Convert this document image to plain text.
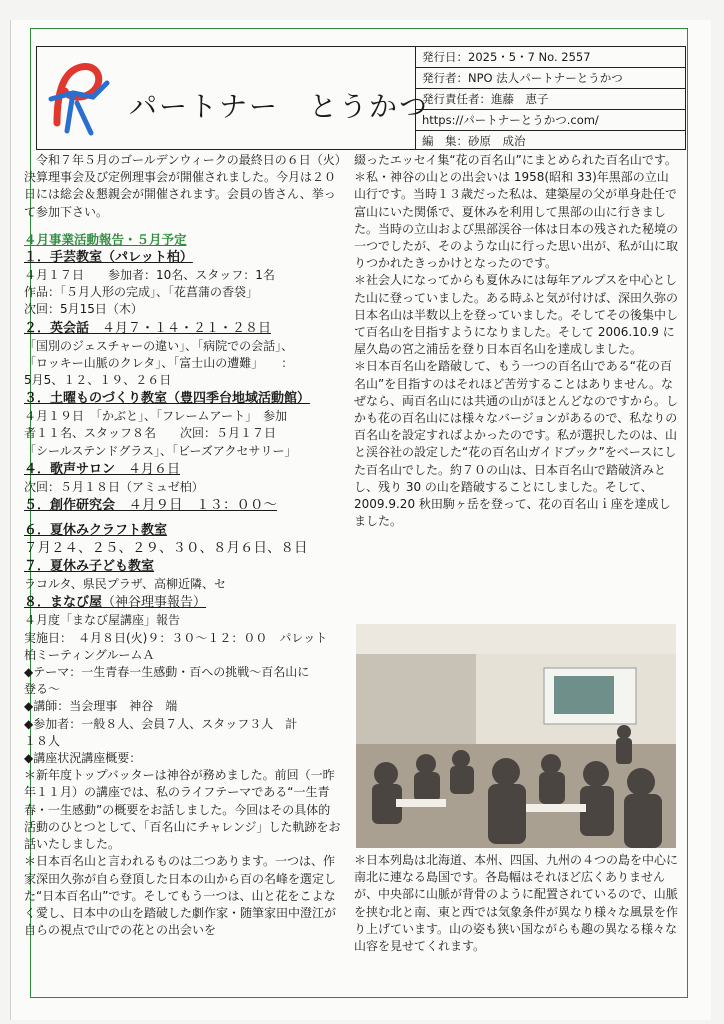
パートナー　とうかつ
発行日：2025・5・7 No. 2557
発行者：NPO 法人パートナーとうかつ
発行責任者：進藤　恵子
https://パートナーとうかつ.com/
編　集：砂原　成治

令和７年５月のゴールデンウィークの最終日の６日（火）決算理事会及び定例理事会が開催されました。今月は２０日には総会＆懇親会が開催されます。会員の皆さん、挙って参加下さい。

４月事業活動報告・５月予定
１．手芸教室（パレット柏）
４月１７日　　参加者：10名、スタッフ：1名
作品：「５月人形の完成」、「花菖蒲の香袋」
次回：5月15日（木）
２．英会話　４月７・１４・２１・２８日
「国別のジェスチャーの違い」、「病院での会話」、
「ロッキー山脈のクレタ」、「富士山の遭難」　　：
5月5、１２、１９、２６日
３．土曜ものづくり教室（豊四季台地域活動館）
４月１９日　「かぶと」、「フレームアート」　参加
者１１名、スタッフ８名　　次回：５月１７日
「シールステンドグラス」、「ビーズアクセサリー」
４．歌声サロン　４月６日
次回：５月１８日（アミュゼ柏）
５．創作研究会　４月９日　１３：００～
６．夏休みクラフト教室
７月２４、２５、２９、３０、８月６日、８日
７．夏休み子ども教室
ラコルタ、県民プラザ、高柳近隣、セ
８．まなび屋（神谷理事報告）
４月度「まなび屋講座」報告
実施日：　４月８日(火)９：３０～１２：００　パレット
柏ミーティングルームＡ
◆テーマ：一生青春一生感動・百への挑戦～百名山に
登る～
◆講師：当会理事　神谷　端
◆参加者：一般８人、会員７人、スタッフ３人　計
１８人
◆講座状況講座概要：

＊新年度トップバッターは神谷が務めました。前回（一昨年１１月）の講座では、私のライフテーマである“一生青春・一生感動”の概要をお話しました。今回はその具体的活動のひとつとして、「百名山にチャレンジ」した軌跡をお話いたしました。

＊日本百名山と言われるものは二つあります。一つは、作家深田久弥が自ら登頂した日本の山から百の名峰を選定した“日本百名山”です。そしてもう一つは、山と花をこよなく愛し、日本中の山を踏破した劇作家・随筆家田中澄江が自らの視点で山での花との出会いを

綴ったエッセイ集“花の百名山”にまとめられた百名山です。

＊私・神谷の山との出会いは 1958(昭和 33)年黒部の立山山行です。当時１３歳だった私は、建築屋の父が単身赴任で富山にいた関係で、夏休みを利用して黒部の山に行きました。当時の立山および黒部渓谷一体は日本の残された秘境の一つでしたが、そのような山に行った思い出が、私が山に取りつかれたきっかけとなったのです。

＊社会人になってからも夏休みには毎年アルプスを中心とした山に登っていました。ある時ふと気が付けば、深田久弥の日本名山は半数以上を登っていました。そしてその後集中して百名山を目指すようになりました。そして 2006.10.9 に屋久島の宮之浦岳を登り日本百名山を達成しました。

＊日本百名山を踏破して、もう一つの百名山である“花の百名山”を目指すのはそれほど苦労することはありません。なぜなら、両百名山には共通の山がほとんどなのですから。しかも花の百名山には様々なバージョンがあるので、私なりの百名山を設定すればよかったのです。私が選択したのは、山と渓谷社の設定した“花の百名山ガイドブック”をベースにした百名山でした。約７０の山は、日本百名山で踏破済みとし、残り 30 の山を踏破することにしました。そして、2009.9.20 秋田駒ヶ岳を登って、花の百名山ｉ座を達成しました。

＊日本列島は北海道、本州、四国、九州の４つの島を中心に南北に連なる島国です。各島幅はそれほど広くありませんが、中央部に山脈が背骨のように配置されているので、山脈を挟む北と南、東と西では気象条件が異なり様々な風景を作り上げています。山の姿も狭い国ながらも趣の異なる様々な山容を見せてくれます。
